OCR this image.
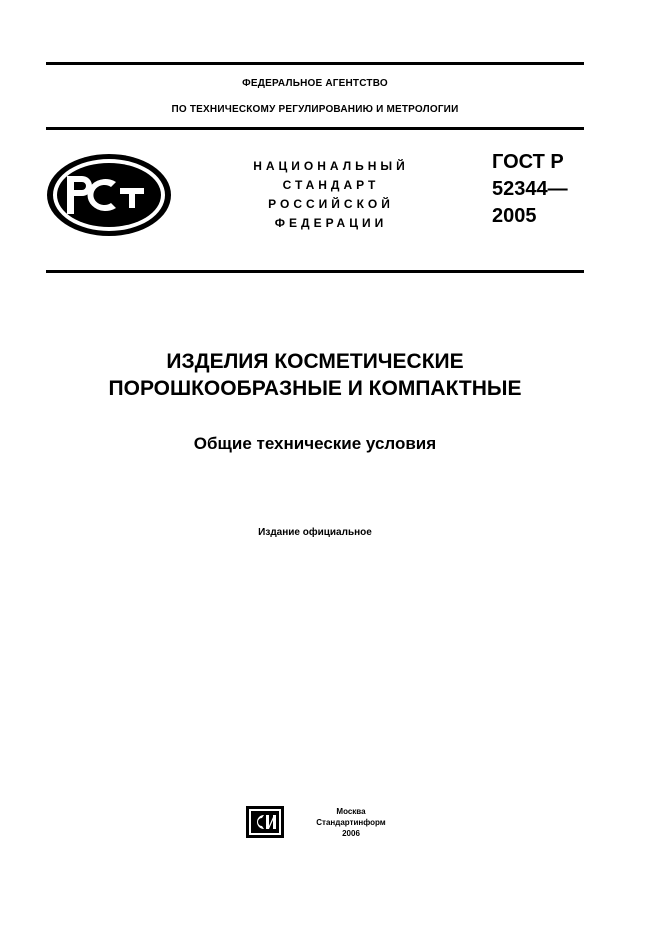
ФЕДЕРАЛЬНОЕ АГЕНТСТВО
ПО ТЕХНИЧЕСКОМУ РЕГУЛИРОВАНИЮ И МЕТРОЛОГИИ
НАЦИОНАЛЬНЫЙ
СТАНДАРТ
РОССИЙСКОЙ
ФЕДЕРАЦИИ
ГОСТ Р
52344—
2005
ИЗДЕЛИЯ КОСМЕТИЧЕСКИЕ
ПОРОШКООБРАЗНЫЕ И КОМПАКТНЫЕ
Общие технические условия
Издание официальное
Москва
Стандартинформ
2006
